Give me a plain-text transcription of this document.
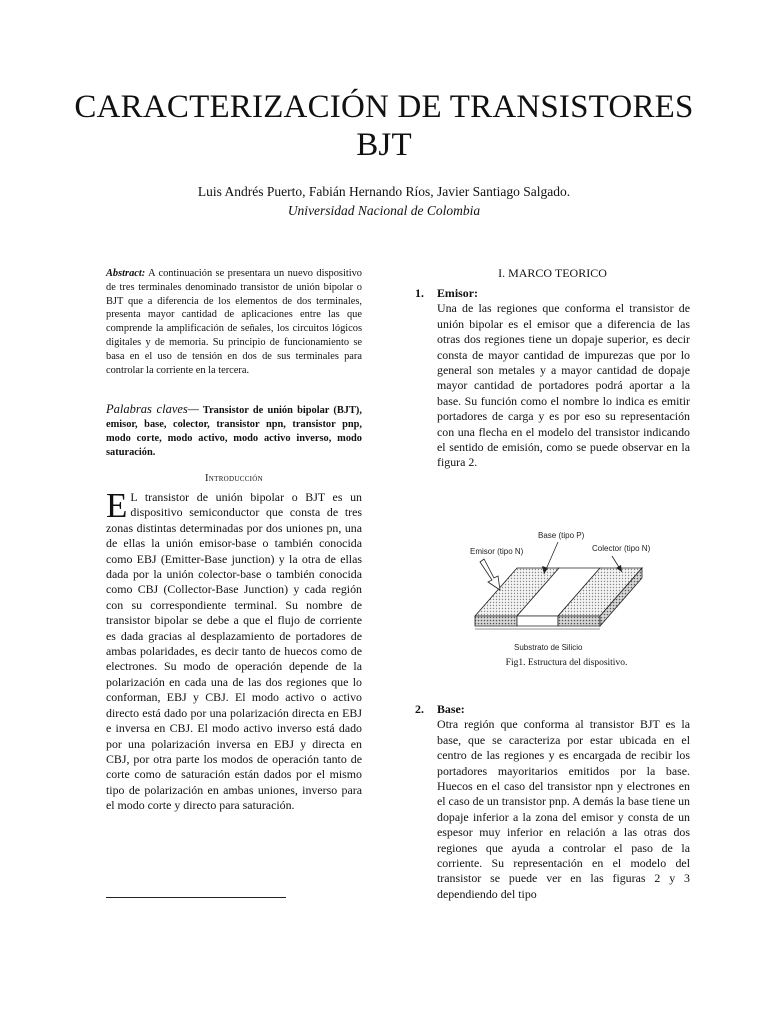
CARACTERIZACIÓN DE TRANSISTORES
BJT
Luis Andrés Puerto, Fabián Hernando Ríos, Javier Santiago Salgado.
Universidad Nacional de Colombia
Abstract: A continuación se presentara un nuevo dispositivo de tres terminales denominado transistor de unión bipolar o BJT que a diferencia de los elementos de dos terminales, presenta mayor cantidad de aplicaciones entre las que comprende la amplificación de señales, los circuitos lógicos digitales y de memoria. Su principio de funcionamiento se basa en el uso de tensión en dos de sus terminales para controlar la corriente en la tercera.
Palabras claves— Transistor de unión bipolar (BJT), emisor, base, colector, transistor npn, transistor pnp, modo corte, modo activo, modo activo inverso, modo saturación.
Introducción
E L transistor de unión bipolar o BJT es un dispositivo semiconductor que consta de tres zonas distintas determinadas por dos uniones pn, una de ellas la unión emisor-base o también conocida como EBJ (Emitter-Base junction) y la otra de ellas dada por la unión colector-base o también conocida como CBJ (Collector-Base Junction) y cada región con su correspondiente terminal. Su nombre de transistor bipolar se debe a que el flujo de corriente es dada gracias al desplazamiento de portadores de ambas polaridades, es decir tanto de huecos como de electrones. Su modo de operación depende de la polarización en cada una de las dos regiones que lo conforman, EBJ y CBJ. El modo activo o activo directo está dado por una polarización directa en EBJ e inversa en CBJ. El modo activo inverso está dado por una polarización inversa en EBJ y directa en CBJ, por otra parte los modos de operación tanto de corte como de saturación están dados por el mismo tipo de polarización en ambas uniones, inverso para el modo corte y directo para saturación.
I. MARCO TEORICO
1. Emisor:
Una de las regiones que conforma el transistor de unión bipolar es el emisor que a diferencia de las otras dos regiones tiene un dopaje superior, es decir consta de mayor cantidad de impurezas que por lo general son metales y a mayor cantidad de dopaje mayor cantidad de portadores podrá aportar a la base. Su función como el nombre lo indica es emitir portadores de carga y es por eso su representación con una flecha en el modelo del transistor indicando el sentido de emisión, como se puede observar en la figura 2.
Base (tipo P)
Emisor (tipo N)	Colector (tipo N)
Substrato de Silicio
Fig1. Estructura del dispositivo.
2. Base:
Otra región que conforma al transistor BJT es la base, que se caracteriza por estar ubicada en el centro de las regiones y es encargada de recibir los portadores mayoritarios emitidos por la base. Huecos en el caso del transistor npn y electrones en el caso de un transistor pnp. A demás la base tiene un dopaje inferior a la zona del emisor y consta de un espesor muy inferior en relación a las otras dos regiones que ayuda a controlar el paso de la corriente. Su representación en el modelo del transistor se puede ver en las figuras 2 y 3 dependiendo del tipo
